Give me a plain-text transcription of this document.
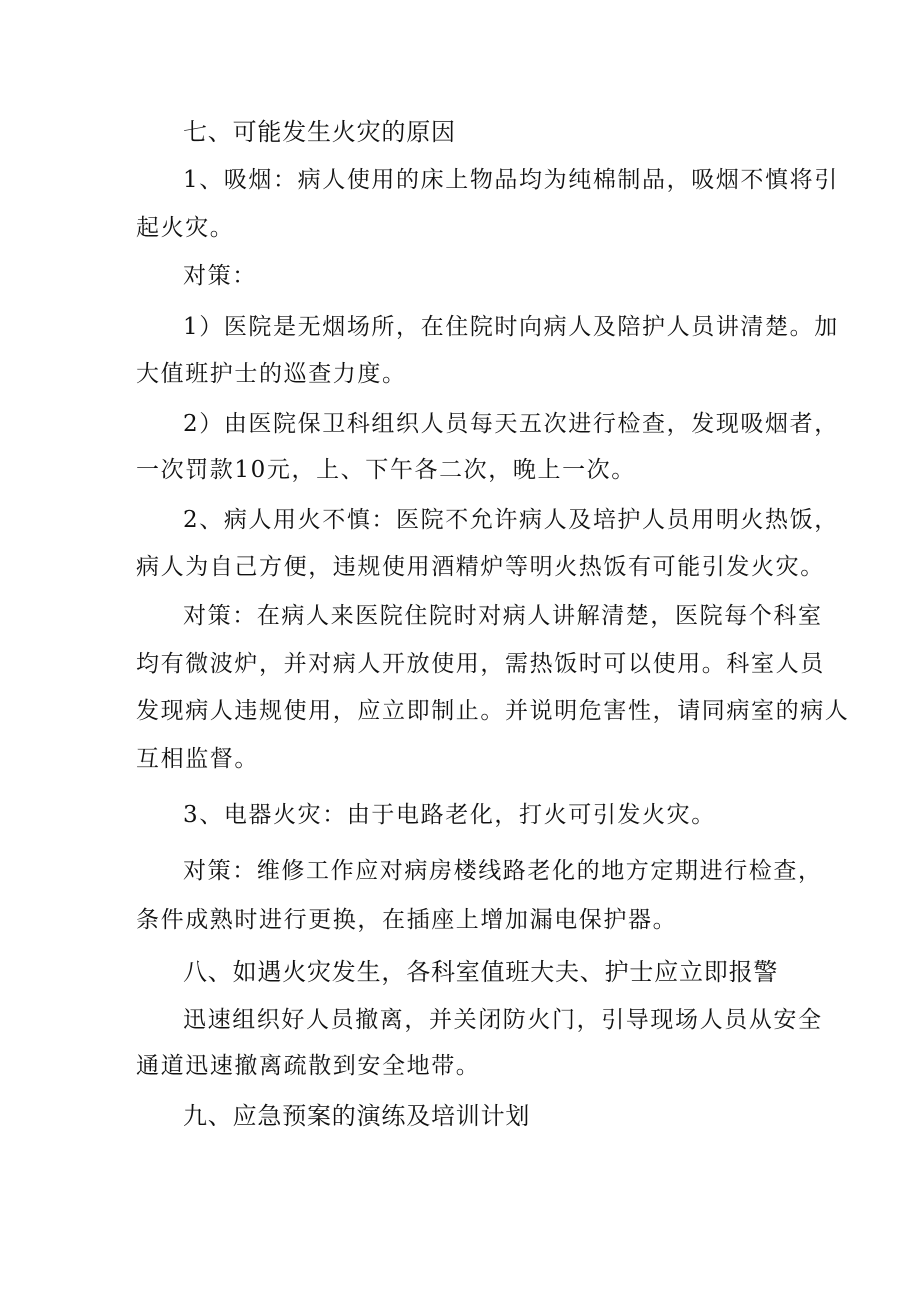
七、可能发生火灾的原因
1、吸烟：病人使用的床上物品均为纯棉制品，吸烟不慎将引
起火灾。
对策：
1）医院是无烟场所，在住院时向病人及陪护人员讲清楚。加
大值班护士的巡查力度。
2）由医院保卫科组织人员每天五次进行检查，发现吸烟者，
一次罚款10元，上、下午各二次，晚上一次。
2、病人用火不慎：医院不允许病人及培护人员用明火热饭，
病人为自己方便，违规使用酒精炉等明火热饭有可能引发火灾。
对策：在病人来医院住院时对病人讲解清楚，医院每个科室
均有微波炉，并对病人开放使用，需热饭时可以使用。科室人员
发现病人违规使用，应立即制止。并说明危害性，请同病室的病人
互相监督。
3、电器火灾：由于电路老化，打火可引发火灾。
对策：维修工作应对病房楼线路老化的地方定期进行检查，
条件成熟时进行更换，在插座上增加漏电保护器。
八、如遇火灾发生，各科室值班大夫、护士应立即报警
迅速组织好人员撤离，并关闭防火门，引导现场人员从安全
通道迅速撤离疏散到安全地带。
九、应急预案的演练及培训计划
